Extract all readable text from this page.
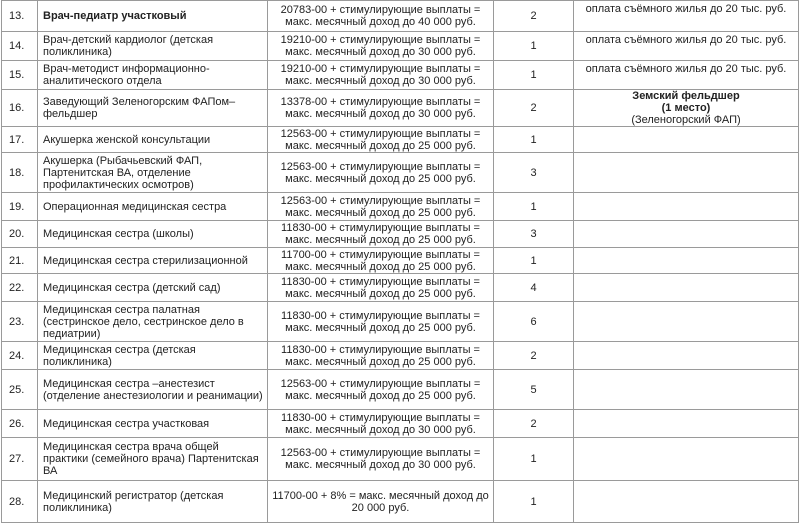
13.	Врач-педиатр участковый	20783-00 + стимулирующие выплаты =
макс. месячный доход до 40 000 руб.	2	оплата съёмного жилья до 20 тыс. руб.
14.	Врач-детский кардиолог (детская поликлиника)	19210-00 + стимулирующие выплаты =
макс. месячный доход до 30 000 руб.	1	оплата съёмного жилья до 20 тыс. руб.
15.	Врач-методист информационно-аналитического отдела	19210-00 + стимулирующие выплаты =
макс. месячный доход до 30 000 руб.	1	оплата съёмного жилья до 20 тыс. руб.
16.	Заведующий Зеленогорским ФАПом–фельдшер	13378-00 + стимулирующие выплаты =
макс. месячный доход до 30 000 руб.	2	Земский фельдшер
(1 место)
(Зеленогорский ФАП)

17.	Акушерка женской консультации	12563-00 + стимулирующие выплаты =
макс. месячный доход до 25 000 руб.	1	
18.	Акушерка (Рыбачьевский ФАП, Партенитская ВА, отделение профилактических осмотров)	12563-00 + стимулирующие выплаты =
макс. месячный доход до 25 000 руб.	3	
19.	Операционная медицинская сестра	12563-00 + стимулирующие выплаты =
макс. месячный доход до 25 000 руб.	1	
20.	Медицинская сестра (школы)	11830-00 + стимулирующие выплаты =
макс. месячный доход до 25 000 руб.	3	
21.	Медицинская сестра стерилизационной	11700-00 + стимулирующие выплаты =
макс. месячный доход до 25 000 руб.	1	
22.	Медицинская сестра (детский сад)	11830-00 + стимулирующие выплаты =
макс. месячный доход до 25 000 руб.	4	
23.	Медицинская сестра палатная (сестринское дело, сестринское дело в педиатрии)	11830-00 + стимулирующие выплаты =
макс. месячный доход до 25 000 руб.	6	
24.	Медицинская сестра (детская поликлиника)	11830-00 + стимулирующие выплаты =
макс. месячный доход до 25 000 руб.	2	
25.	Медицинская сестра –анестезист (отделение анестезиологии и реанимации)	12563-00 + стимулирующие выплаты =
макс. месячный доход до 25 000 руб.	5	
26.	Медицинская сестра участковая	11830-00 + стимулирующие выплаты =
макс. месячный доход до 30 000 руб.	2	
27.	Медицинская сестра врача общей практики (семейного врача) Партенитская ВА	12563-00 + стимулирующие выплаты =
макс. месячный доход до 30 000 руб.	1	
28.	Медицинский регистратор (детская поликлиника)	11700-00 + 8% = макс. месячный доход до
20 000 руб.	1	
